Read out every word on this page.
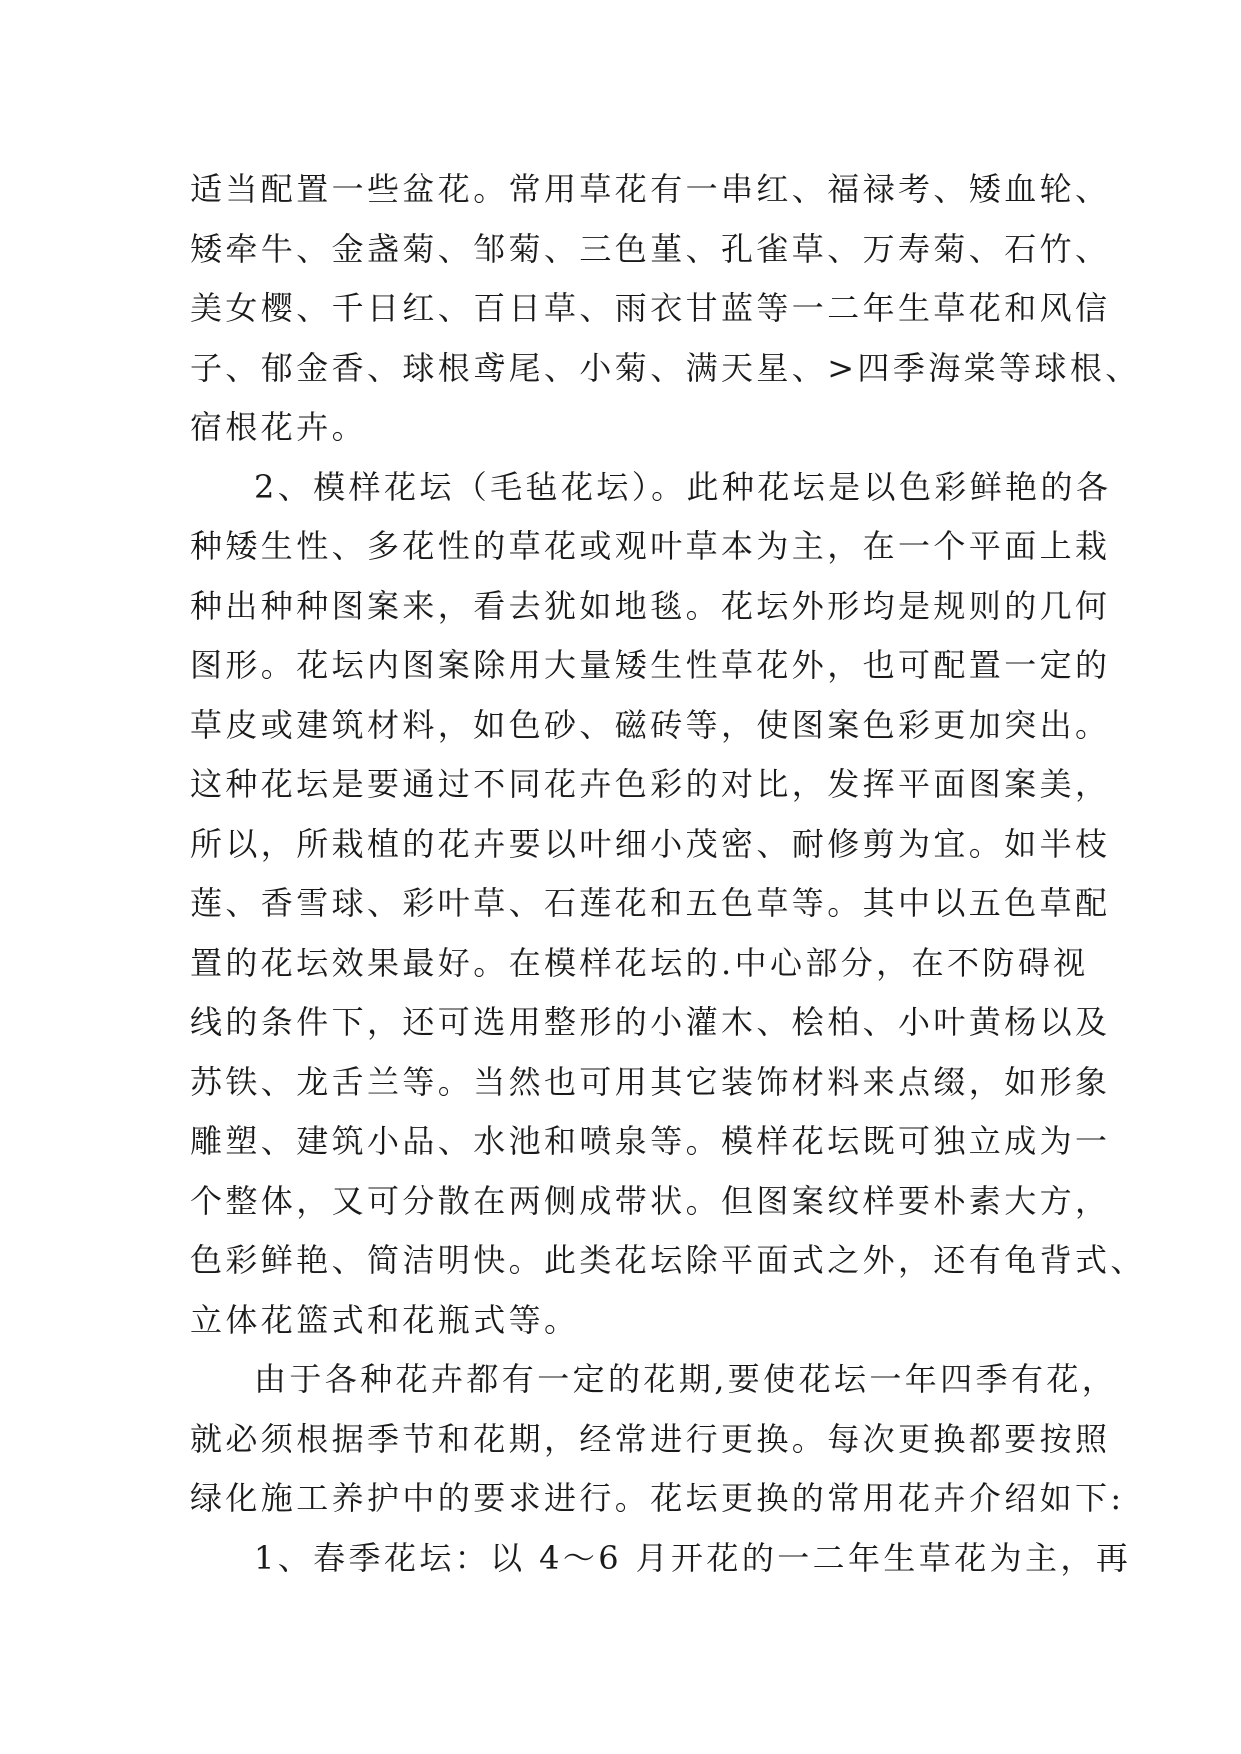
适当配置一些盆花。常用草花有一串红、福禄考、矮血轮、
矮牵牛、金盏菊、邹菊、三色堇、孔雀草、万寿菊、石竹、
美女樱、千日红、百日草、雨衣甘蓝等一二年生草花和风信
子、郁金香、球根鸢尾、小菊、满天星、>四季海棠等球根、
宿根花卉。
2、模样花坛（毛毡花坛）。此种花坛是以色彩鲜艳的各
种矮生性、多花性的草花或观叶草本为主，在一个平面上栽
种出种种图案来，看去犹如地毯。花坛外形均是规则的几何
图形。花坛内图案除用大量矮生性草花外，也可配置一定的
草皮或建筑材料，如色砂、磁砖等，使图案色彩更加突出。
这种花坛是要通过不同花卉色彩的对比，发挥平面图案美，
所以，所栽植的花卉要以叶细小茂密、耐修剪为宜。如半枝
莲、香雪球、彩叶草、石莲花和五色草等。其中以五色草配
置的花坛效果最好。在模样花坛的.中心部分，在不防碍视
线的条件下，还可选用整形的小灌木、桧柏、小叶黄杨以及
苏铁、龙舌兰等。当然也可用其它装饰材料来点缀，如形象
雕塑、建筑小品、水池和喷泉等。模样花坛既可独立成为一
个整体，又可分散在两侧成带状。但图案纹样要朴素大方，
色彩鲜艳、简洁明快。此类花坛除平面式之外，还有龟背式、
立体花篮式和花瓶式等。
由于各种花卉都有一定的花期,要使花坛一年四季有花，
就必须根据季节和花期，经常进行更换。每次更换都要按照
绿化施工养护中的要求进行。花坛更换的常用花卉介绍如下:
1、春季花坛：以 4～6 月开花的一二年生草花为主，再
